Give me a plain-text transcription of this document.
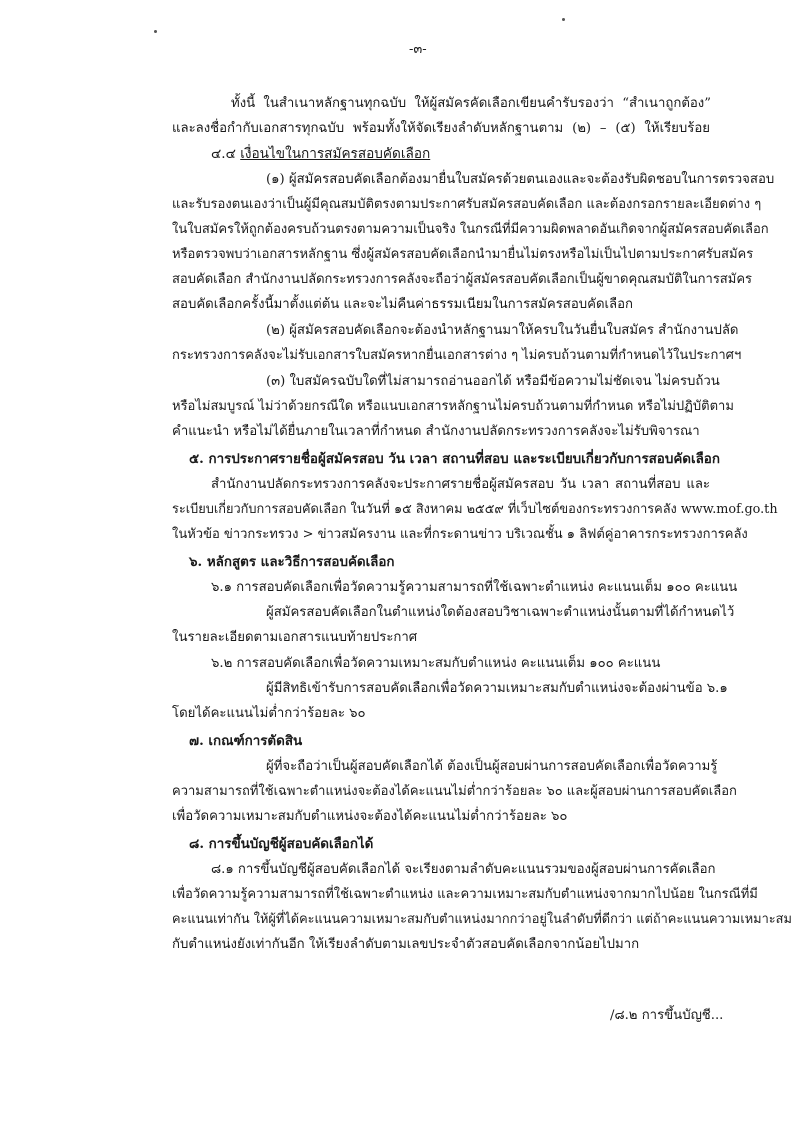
-๓-
ทั้งนี้ ในสำเนาหลักฐานทุกฉบับ ให้ผู้สมัครคัดเลือกเขียนคำรับรองว่า “สำเนาถูกต้อง”
และลงชื่อกำกับเอกสารทุกฉบับ พร้อมทั้งให้จัดเรียงลำดับหลักฐานตาม (๒) – (๕) ให้เรียบร้อย
๔.๔ เงื่อนไขในการสมัครสอบคัดเลือก
(๑) ผู้สมัครสอบคัดเลือกต้องมายื่นใบสมัครด้วยตนเองและจะต้องรับผิดชอบในการตรวจสอบ
และรับรองตนเองว่าเป็นผู้มีคุณสมบัติตรงตามประกาศรับสมัครสอบคัดเลือก และต้องกรอกรายละเอียดต่าง ๆ
ในใบสมัครให้ถูกต้องครบถ้วนตรงตามความเป็นจริง ในกรณีที่มีความผิดพลาดอันเกิดจากผู้สมัครสอบคัดเลือก
หรือตรวจพบว่าเอกสารหลักฐาน ซึ่งผู้สมัครสอบคัดเลือกนำมายื่นไม่ตรงหรือไม่เป็นไปตามประกาศรับสมัคร
สอบคัดเลือก สำนักงานปลัดกระทรวงการคลังจะถือว่าผู้สมัครสอบคัดเลือกเป็นผู้ขาดคุณสมบัติในการสมัคร
สอบคัดเลือกครั้งนี้มาตั้งแต่ต้น และจะไม่คืนค่าธรรมเนียมในการสมัครสอบคัดเลือก
(๒) ผู้สมัครสอบคัดเลือกจะต้องนำหลักฐานมาให้ครบในวันยื่นใบสมัคร สำนักงานปลัด
กระทรวงการคลังจะไม่รับเอกสารใบสมัครหากยื่นเอกสารต่าง ๆ ไม่ครบถ้วนตามที่กำหนดไว้ในประกาศฯ
(๓) ใบสมัครฉบับใดที่ไม่สามารถอ่านออกได้ หรือมีข้อความไม่ชัดเจน ไม่ครบถ้วน
หรือไม่สมบูรณ์ ไม่ว่าด้วยกรณีใด หรือแนบเอกสารหลักฐานไม่ครบถ้วนตามที่กำหนด หรือไม่ปฏิบัติตาม
คำแนะนำ หรือไม่ได้ยื่นภายในเวลาที่กำหนด สำนักงานปลัดกระทรวงการคลังจะไม่รับพิจารณา
๕. การประกาศรายชื่อผู้สมัครสอบ วัน เวลา สถานที่สอบ และระเบียบเกี่ยวกับการสอบคัดเลือก
สำนักงานปลัดกระทรวงการคลังจะประกาศรายชื่อผู้สมัครสอบ วัน เวลา สถานที่สอบ และ
ระเบียบเกี่ยวกับการสอบคัดเลือก ในวันที่ ๑๕ สิงหาคม ๒๕๕๙ ที่เว็บไซต์ของกระทรวงการคลัง www.mof.go.th
ในหัวข้อ ข่าวกระทรวง > ข่าวสมัครงาน และที่กระดานข่าว บริเวณชั้น ๑ ลิฟต์คู่อาคารกระทรวงการคลัง
๖. หลักสูตร และวิธีการสอบคัดเลือก
๖.๑ การสอบคัดเลือกเพื่อวัดความรู้ความสามารถที่ใช้เฉพาะตำแหน่ง คะแนนเต็ม ๑๐๐ คะแนน
ผู้สมัครสอบคัดเลือกในตำแหน่งใดต้องสอบวิชาเฉพาะตำแหน่งนั้นตามที่ได้กำหนดไว้
ในรายละเอียดตามเอกสารแนบท้ายประกาศ
๖.๒ การสอบคัดเลือกเพื่อวัดความเหมาะสมกับตำแหน่ง คะแนนเต็ม ๑๐๐ คะแนน
ผู้มีสิทธิเข้ารับการสอบคัดเลือกเพื่อวัดความเหมาะสมกับตำแหน่งจะต้องผ่านข้อ ๖.๑
โดยได้คะแนนไม่ต่ำกว่าร้อยละ ๖๐
๗. เกณฑ์การตัดสิน
ผู้ที่จะถือว่าเป็นผู้สอบคัดเลือกได้ ต้องเป็นผู้สอบผ่านการสอบคัดเลือกเพื่อวัดความรู้
ความสามารถที่ใช้เฉพาะตำแหน่งจะต้องได้คะแนนไม่ต่ำกว่าร้อยละ ๖๐ และผู้สอบผ่านการสอบคัดเลือก
เพื่อวัดความเหมาะสมกับตำแหน่งจะต้องได้คะแนนไม่ต่ำกว่าร้อยละ ๖๐
๘. การขึ้นบัญชีผู้สอบคัดเลือกได้
๘.๑ การขึ้นบัญชีผู้สอบคัดเลือกได้ จะเรียงตามลำดับคะแนนรวมของผู้สอบผ่านการคัดเลือก
เพื่อวัดความรู้ความสามารถที่ใช้เฉพาะตำแหน่ง และความเหมาะสมกับตำแหน่งจากมากไปน้อย ในกรณีที่มี
คะแนนเท่ากัน ให้ผู้ที่ได้คะแนนความเหมาะสมกับตำแหน่งมากกว่าอยู่ในลำดับที่ดีกว่า แต่ถ้าคะแนนความเหมาะสม
กับตำแหน่งยังเท่ากันอีก ให้เรียงลำดับตามเลขประจำตัวสอบคัดเลือกจากน้อยไปมาก
/๘.๒ การขึ้นบัญชี...
